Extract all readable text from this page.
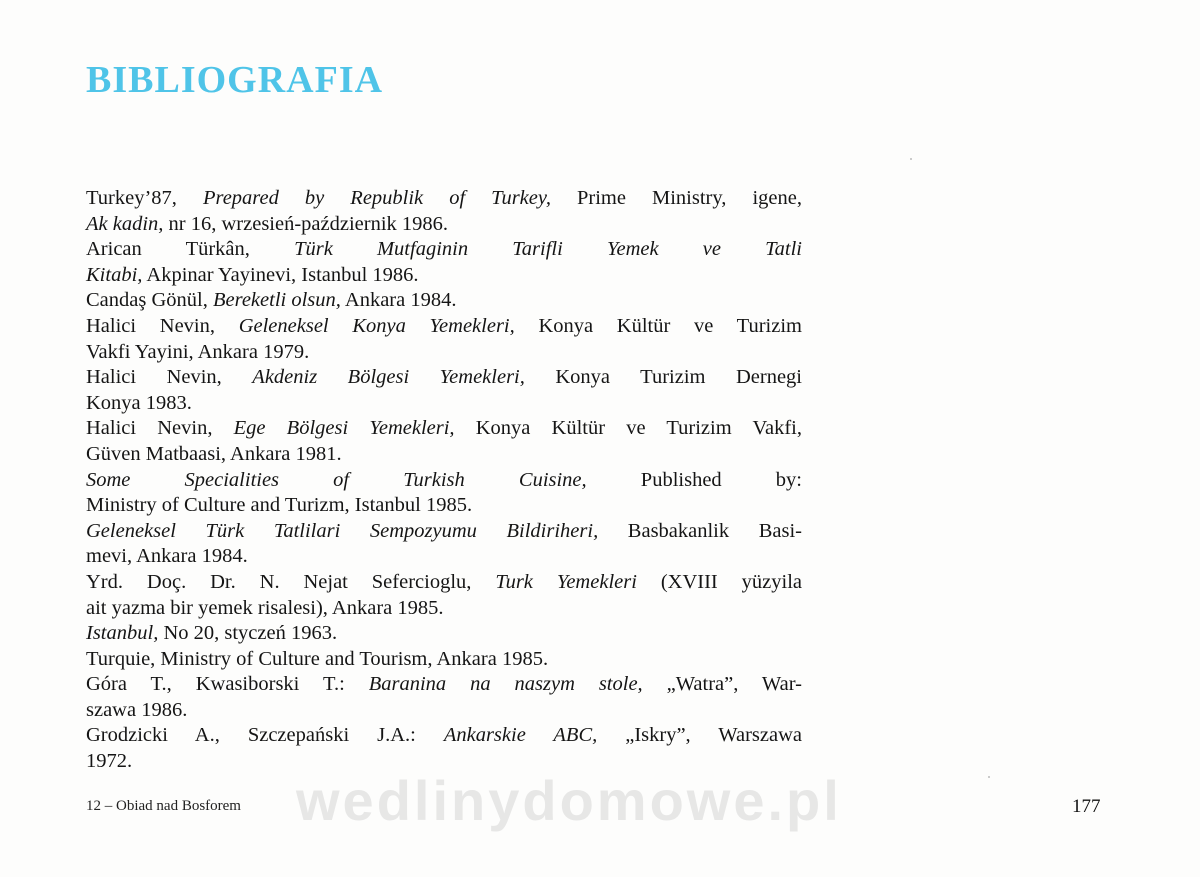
BIBLIOGRAFIA
Turkey’87, Prepared by Republik of Turkey, Prime Ministry, igene,
Ak kadin, nr 16, wrzesień-październik 1986.
Arican Türkân, Türk Mutfaginin Tarifli Yemek ve Tatli
Kitabi, Akpinar Yayinevi, Istanbul 1986.
Candaş Gönül, Bereketli olsun, Ankara 1984.
Halici Nevin, Geleneksel Konya Yemekleri, Konya Kültür ve Turizim
Vakfi Yayini, Ankara 1979.
Halici Nevin, Akdeniz Bölgesi Yemekleri, Konya Turizim Dernegi
Konya 1983.
Halici Nevin, Ege Bölgesi Yemekleri, Konya Kültür ve Turizim Vakfi,
Güven Matbaasi, Ankara 1981.
Some Specialities of Turkish Cuisine, Published by:
Ministry of Culture and Turizm, Istanbul 1985.
Geleneksel Türk Tatlilari Sempozyumu Bildiriheri, Basbakanlik Basi-
mevi, Ankara 1984.
Yrd. Doç. Dr. N. Nejat Sefercioglu, Turk Yemekleri (XVIII yüzyila
ait yazma bir yemek risalesi), Ankara 1985.
Istanbul, No 20, styczeń 1963.
Turquie, Ministry of Culture and Tourism, Ankara 1985.
Góra T., Kwasiborski T.: Baranina na naszym stole, „Watra”, War-
szawa 1986.
Grodzicki A., Szczepański J.A.: Ankarskie ABC, „Iskry”, Warszawa
1972.
wedlinydomowe.pl
12 – Obiad nad Bosforem	177
